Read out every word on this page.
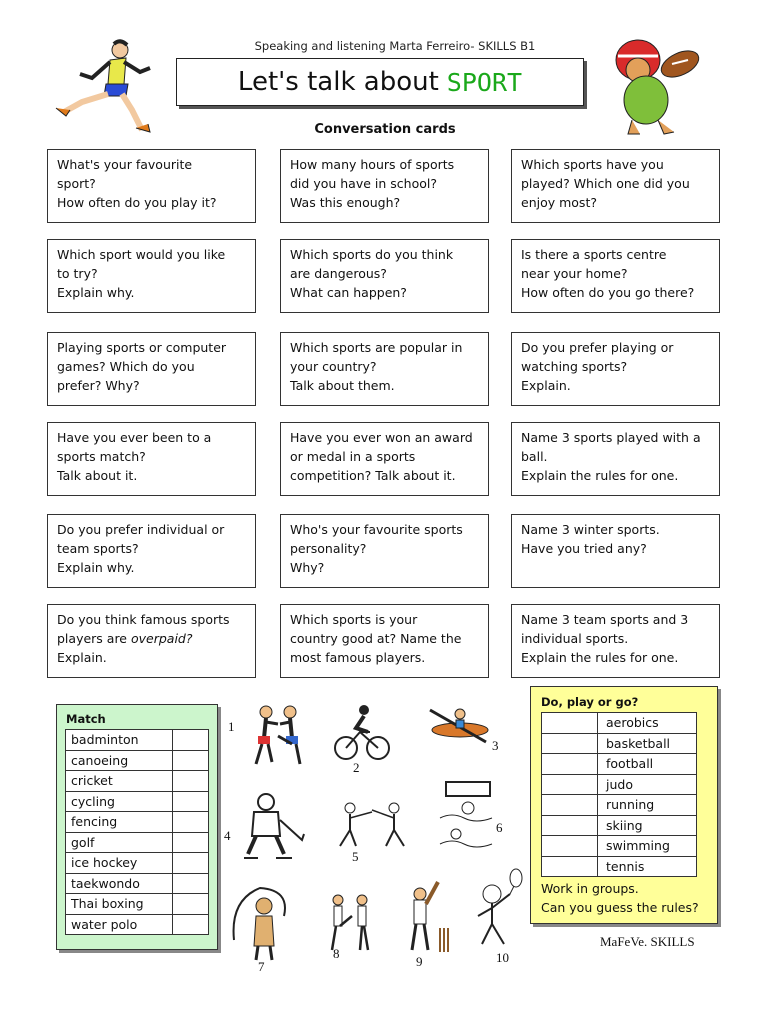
Speaking and listening Marta Ferreiro- SKILLS B1
Let's talk about SPORT
Conversation cards
What's your favourite
sport?
How often do you play it?
How many hours of sports
did you have in school?
Was this enough?
Which sports have you
played? Which one did you
enjoy most?
Which sport would you like
to try?
Explain why.
Which sports do you think
are dangerous?
What can happen?
Is there a sports centre
near your home?
How often do you go there?
Playing sports or computer
games? Which do you
prefer? Why?
Which sports are popular in
your country?
Talk about them.
Do you prefer playing or
watching sports?
Explain.
Have you ever been to a
sports match?
Talk about it.
Have you ever won an award
or medal in a sports
competition? Talk about it.
Name 3 sports played with a
ball.
Explain the rules for one.
Do you prefer individual or
team sports?
Explain why.
Who's your favourite sports
personality?
Why?
Name 3 winter sports.
Have you tried any?
Do you think famous sports
players are overpaid?
Explain.
Which sports is your
country good at? Name the
most famous players.
Name 3 team sports and 3
individual sports.
Explain the rules for one.
Match
badminton	
canoeing	
cricket	
cycling	
fencing	
golf	
ice hockey	
taekwondo	
Thai boxing	
water polo	
Do, play or go?
	aerobics
	basketball
	football
	judo
	running
	skiing
	swimming
	tennis
Work in groups.
Can you guess the rules?
1
2
3
4
5
6
7
8
9	10
MaFeVe. SKILLS
